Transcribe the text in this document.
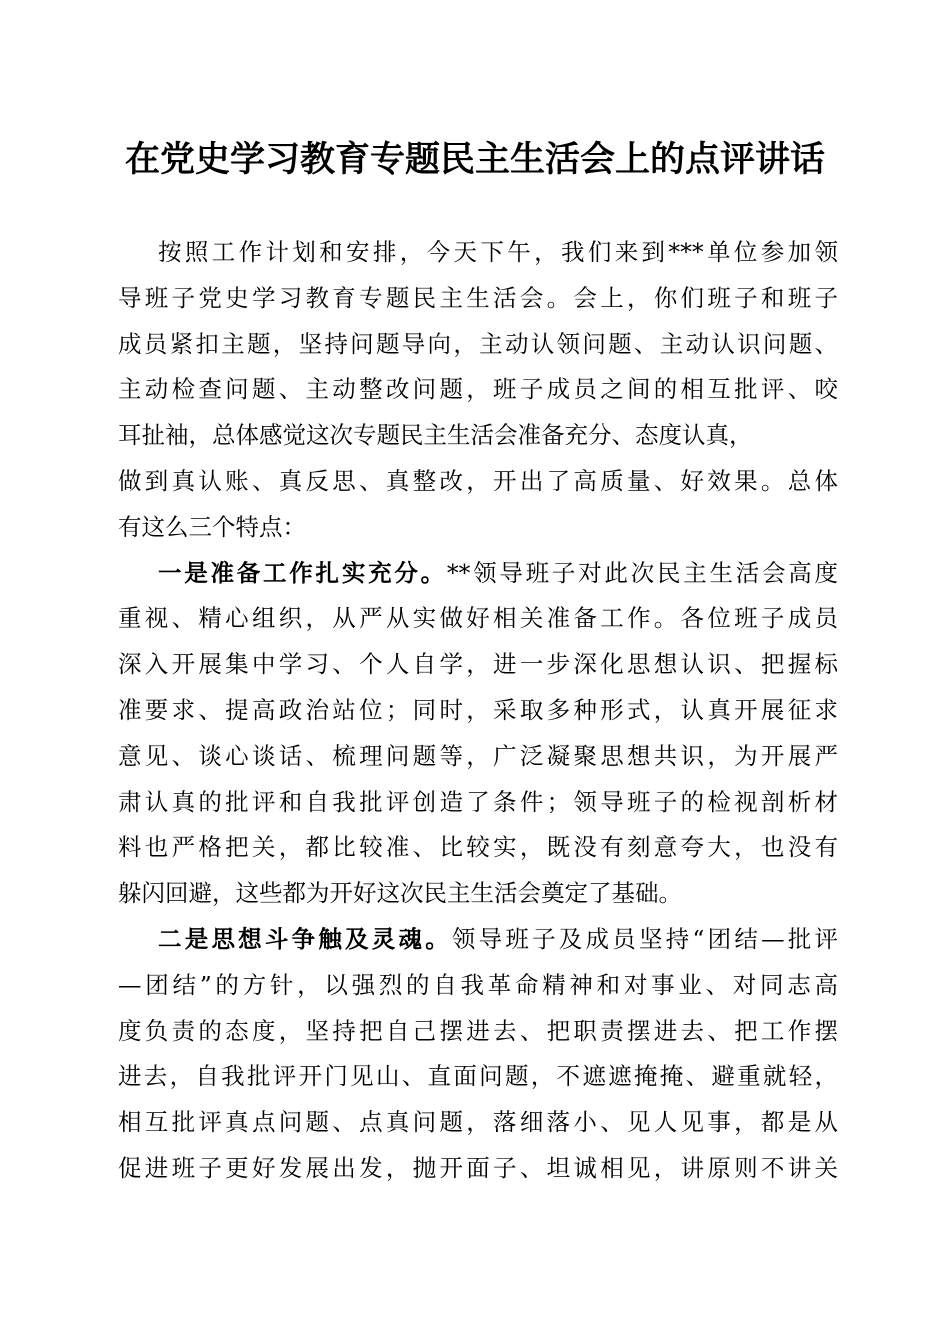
在党史学习教育专题民主生活会上的点评讲话
按照工作计划和安排，今天下午，我们来到***单位参加领
导班子党史学习教育专题民主生活会。会上，你们班子和班子
成员紧扣主题，坚持问题导向，主动认领问题、主动认识问题、
主动检查问题、主动整改问题，班子成员之间的相互批评、咬
耳扯袖，总体感觉这次专题民主生活会准备充分、态度认真，
做到真认账、真反思、真整改，开出了高质量、好效果。总体
有这么三个特点：
一是准备工作扎实充分。**领导班子对此次民主生活会高度
重视、精心组织，从严从实做好相关准备工作。各位班子成员
深入开展集中学习、个人自学，进一步深化思想认识、把握标
准要求、提高政治站位；同时，采取多种形式，认真开展征求
意见、谈心谈话、梳理问题等，广泛凝聚思想共识，为开展严
肃认真的批评和自我批评创造了条件；领导班子的检视剖析材
料也严格把关，都比较准、比较实，既没有刻意夸大，也没有
躲闪回避，这些都为开好这次民主生活会奠定了基础。
二是思想斗争触及灵魂。领导班子及成员坚持“团结—批评
—团结”的方针，以强烈的自我革命精神和对事业、对同志高
度负责的态度，坚持把自己摆进去、把职责摆进去、把工作摆
进去，自我批评开门见山、直面问题，不遮遮掩掩、避重就轻，
相互批评真点问题、点真问题，落细落小、见人见事，都是从
促进班子更好发展出发，抛开面子、坦诚相见，讲原则不讲关
